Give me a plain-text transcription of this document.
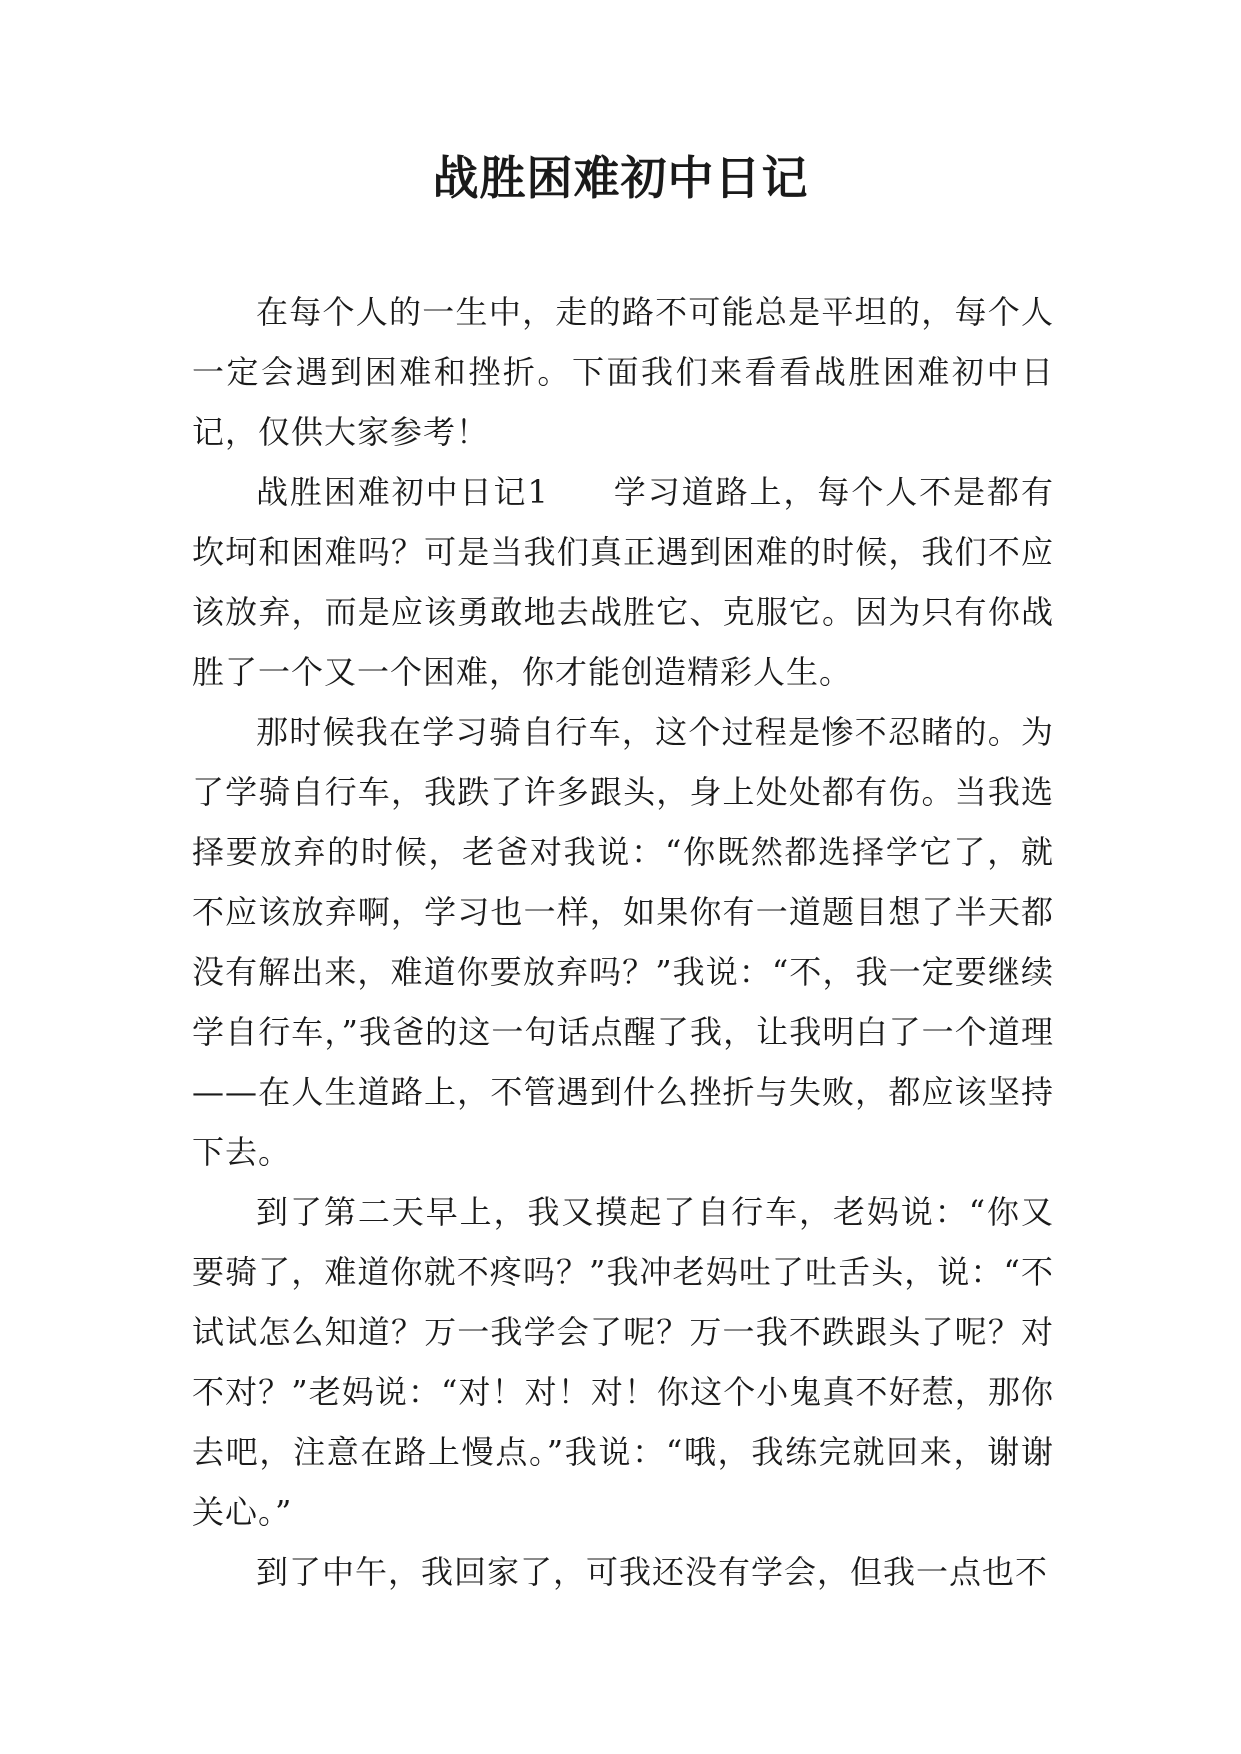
战胜困难初中日记

在每个人的一生中，走的路不可能总是平坦的，每个人一定会遇到困难和挫折。下面我们来看看战胜困难初中日记，仅供大家参考！

战胜困难初中日记1 学习道路上，每个人不是都有坎坷和困难吗？可是当我们真正遇到困难的时候，我们不应该放弃，而是应该勇敢地去战胜它、克服它。因为只有你战胜了一个又一个困难，你才能创造精彩人生。

那时候我在学习骑自行车，这个过程是惨不忍睹的。为了学骑自行车，我跌了许多跟头，身上处处都有伤。当我选择要放弃的时候，老爸对我说：“你既然都选择学它了，就不应该放弃啊，学习也一样，如果你有一道题目想了半天都没有解出来，难道你要放弃吗？”我说：“不，我一定要继续学自行车，”我爸的这一句话点醒了我，让我明白了一个道理——在人生道路上，不管遇到什么挫折与失败，都应该坚持下去。

到了第二天早上，我又摸起了自行车，老妈说：“你又要骑了，难道你就不疼吗？”我冲老妈吐了吐舌头，说：“不试试怎么知道？万一我学会了呢？万一我不跌跟头了呢？对不对？”老妈说：“对！对！对！你这个小鬼真不好惹，那你去吧，注意在路上慢点。”我说：“哦，我练完就回来，谢谢关心。”

到了中午，我回家了，可我还没有学会，但我一点也不
